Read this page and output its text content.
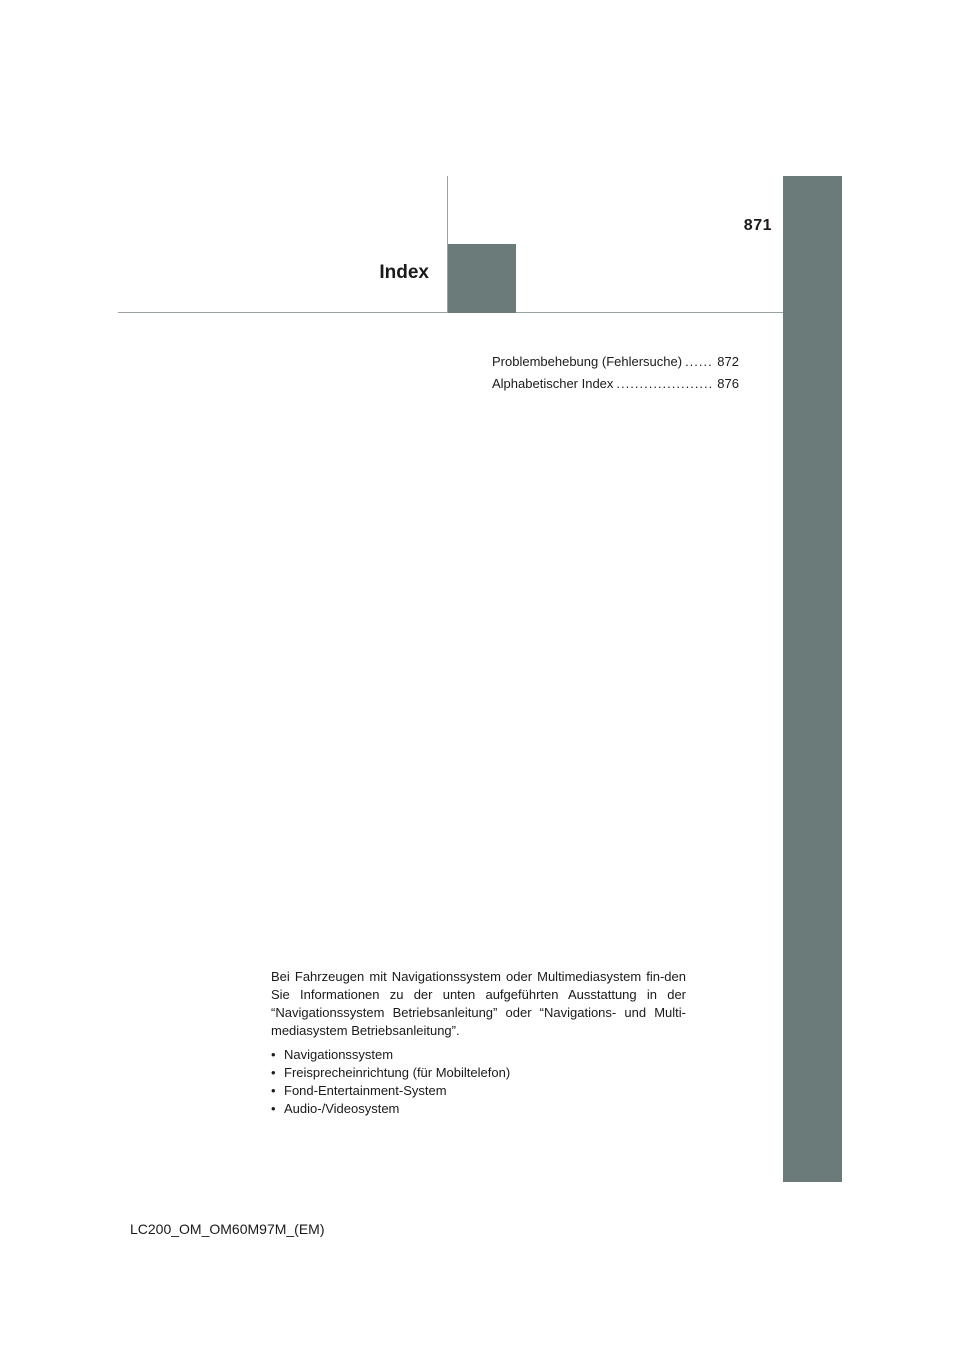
871
Index
Problembehebung (Fehlersuche) .....	872
Alphabetischer Index .....	876

Bei Fahrzeugen mit Navigationssystem oder Multimediasystem fin-den Sie Informationen zu der unten aufgeführten Ausstattung in der “Navigationssystem Betriebsanleitung” oder “Navigations- und Multi-mediasystem Betriebsanleitung”.

• Navigationssystem
• Freisprecheinrichtung (für Mobiltelefon)
• Fond-Entertainment-System
• Audio-/Videosystem
LC200_OM_OM60M97M_(EM)
